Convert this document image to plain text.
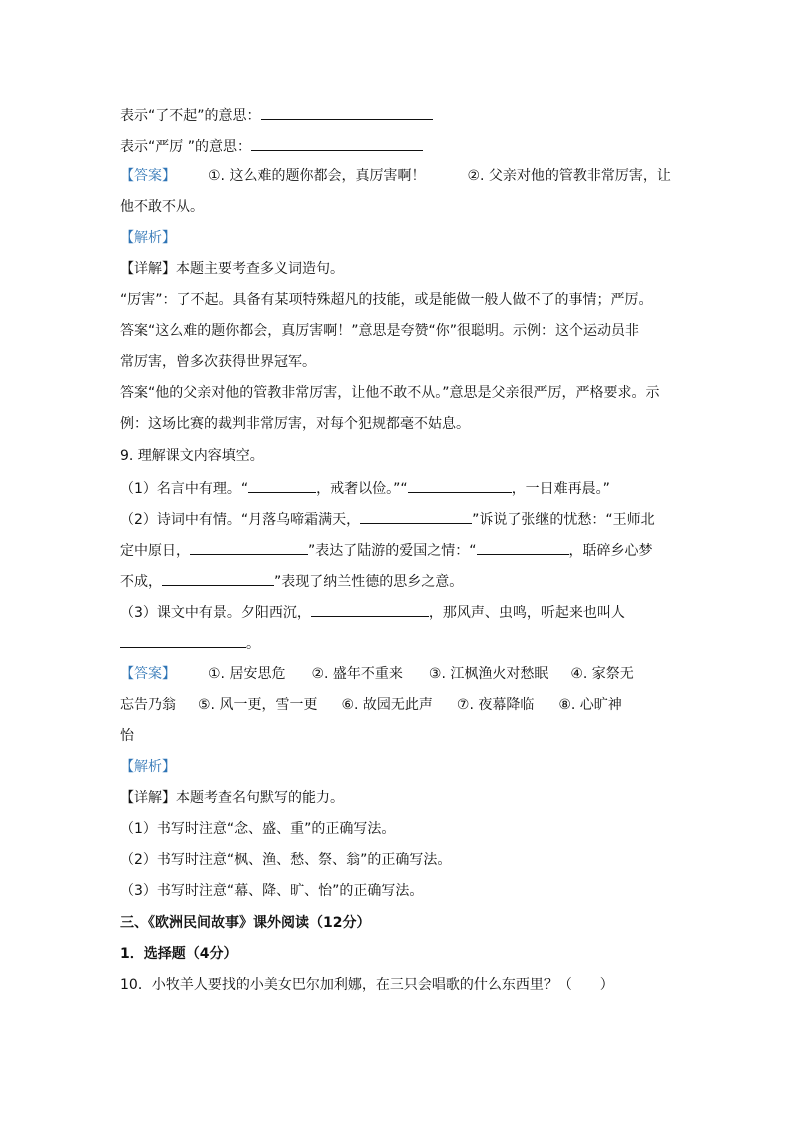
表示“了不起”的意思：
表示“严厉 ”的意思：
【答案】 ①. 这么难的题你都会，真厉害啊！	②. 父亲对他的管教非常厉害，让
他不敢不从。
【解析】
【详解】本题主要考查多义词造句。
“厉害”：了不起。具备有某项特殊超凡的技能，或是能做一般人做不了的事情；严厉。
答案“这么难的题你都会，真厉害啊！”意思是夸赞“你”很聪明。示例：这个运动员非
常厉害，曾多次获得世界冠军。
答案“他的父亲对他的管教非常厉害，让他不敢不从。”意思是父亲很严厉，严格要求。示
例：这场比赛的裁判非常厉害，对每个犯规都毫不姑息。
9. 理解课文内容填空。
（1）名言中有理。“	，戒奢以俭。”“	，一日难再晨。”
（2）诗词中有情。“月落乌啼霜满天，	”诉说了张继的忧愁：“王师北
定中原日，	”表达了陆游的爱国之情：“	，聒碎乡心梦
不成，	”表现了纳兰性德的思乡之意。
（3）课文中有景。夕阳西沉，	，那风声、虫鸣，听起来也叫人
。
【答案】 ①. 居安思危 ②. 盛年不重来 ③. 江枫渔火对愁眠 ④. 家祭无
忘告乃翁 ⑤. 风一更，雪一更 ⑥. 故园无此声 ⑦. 夜幕降临 ⑧. 心旷神
怡
【解析】
【详解】本题考查名句默写的能力。
（1）书写时注意“念、盛、重”的正确写法。
（2）书写时注意“枫、渔、愁、祭、翁”的正确写法。
（3）书写时注意“幕、降、旷、怡”的正确写法。
三、《欧洲民间故事》课外阅读（12分）
1．选择题（4分）
10．小牧羊人要找的小美女巴尔加利娜，在三只会唱歌的什么东西里？（　　）
